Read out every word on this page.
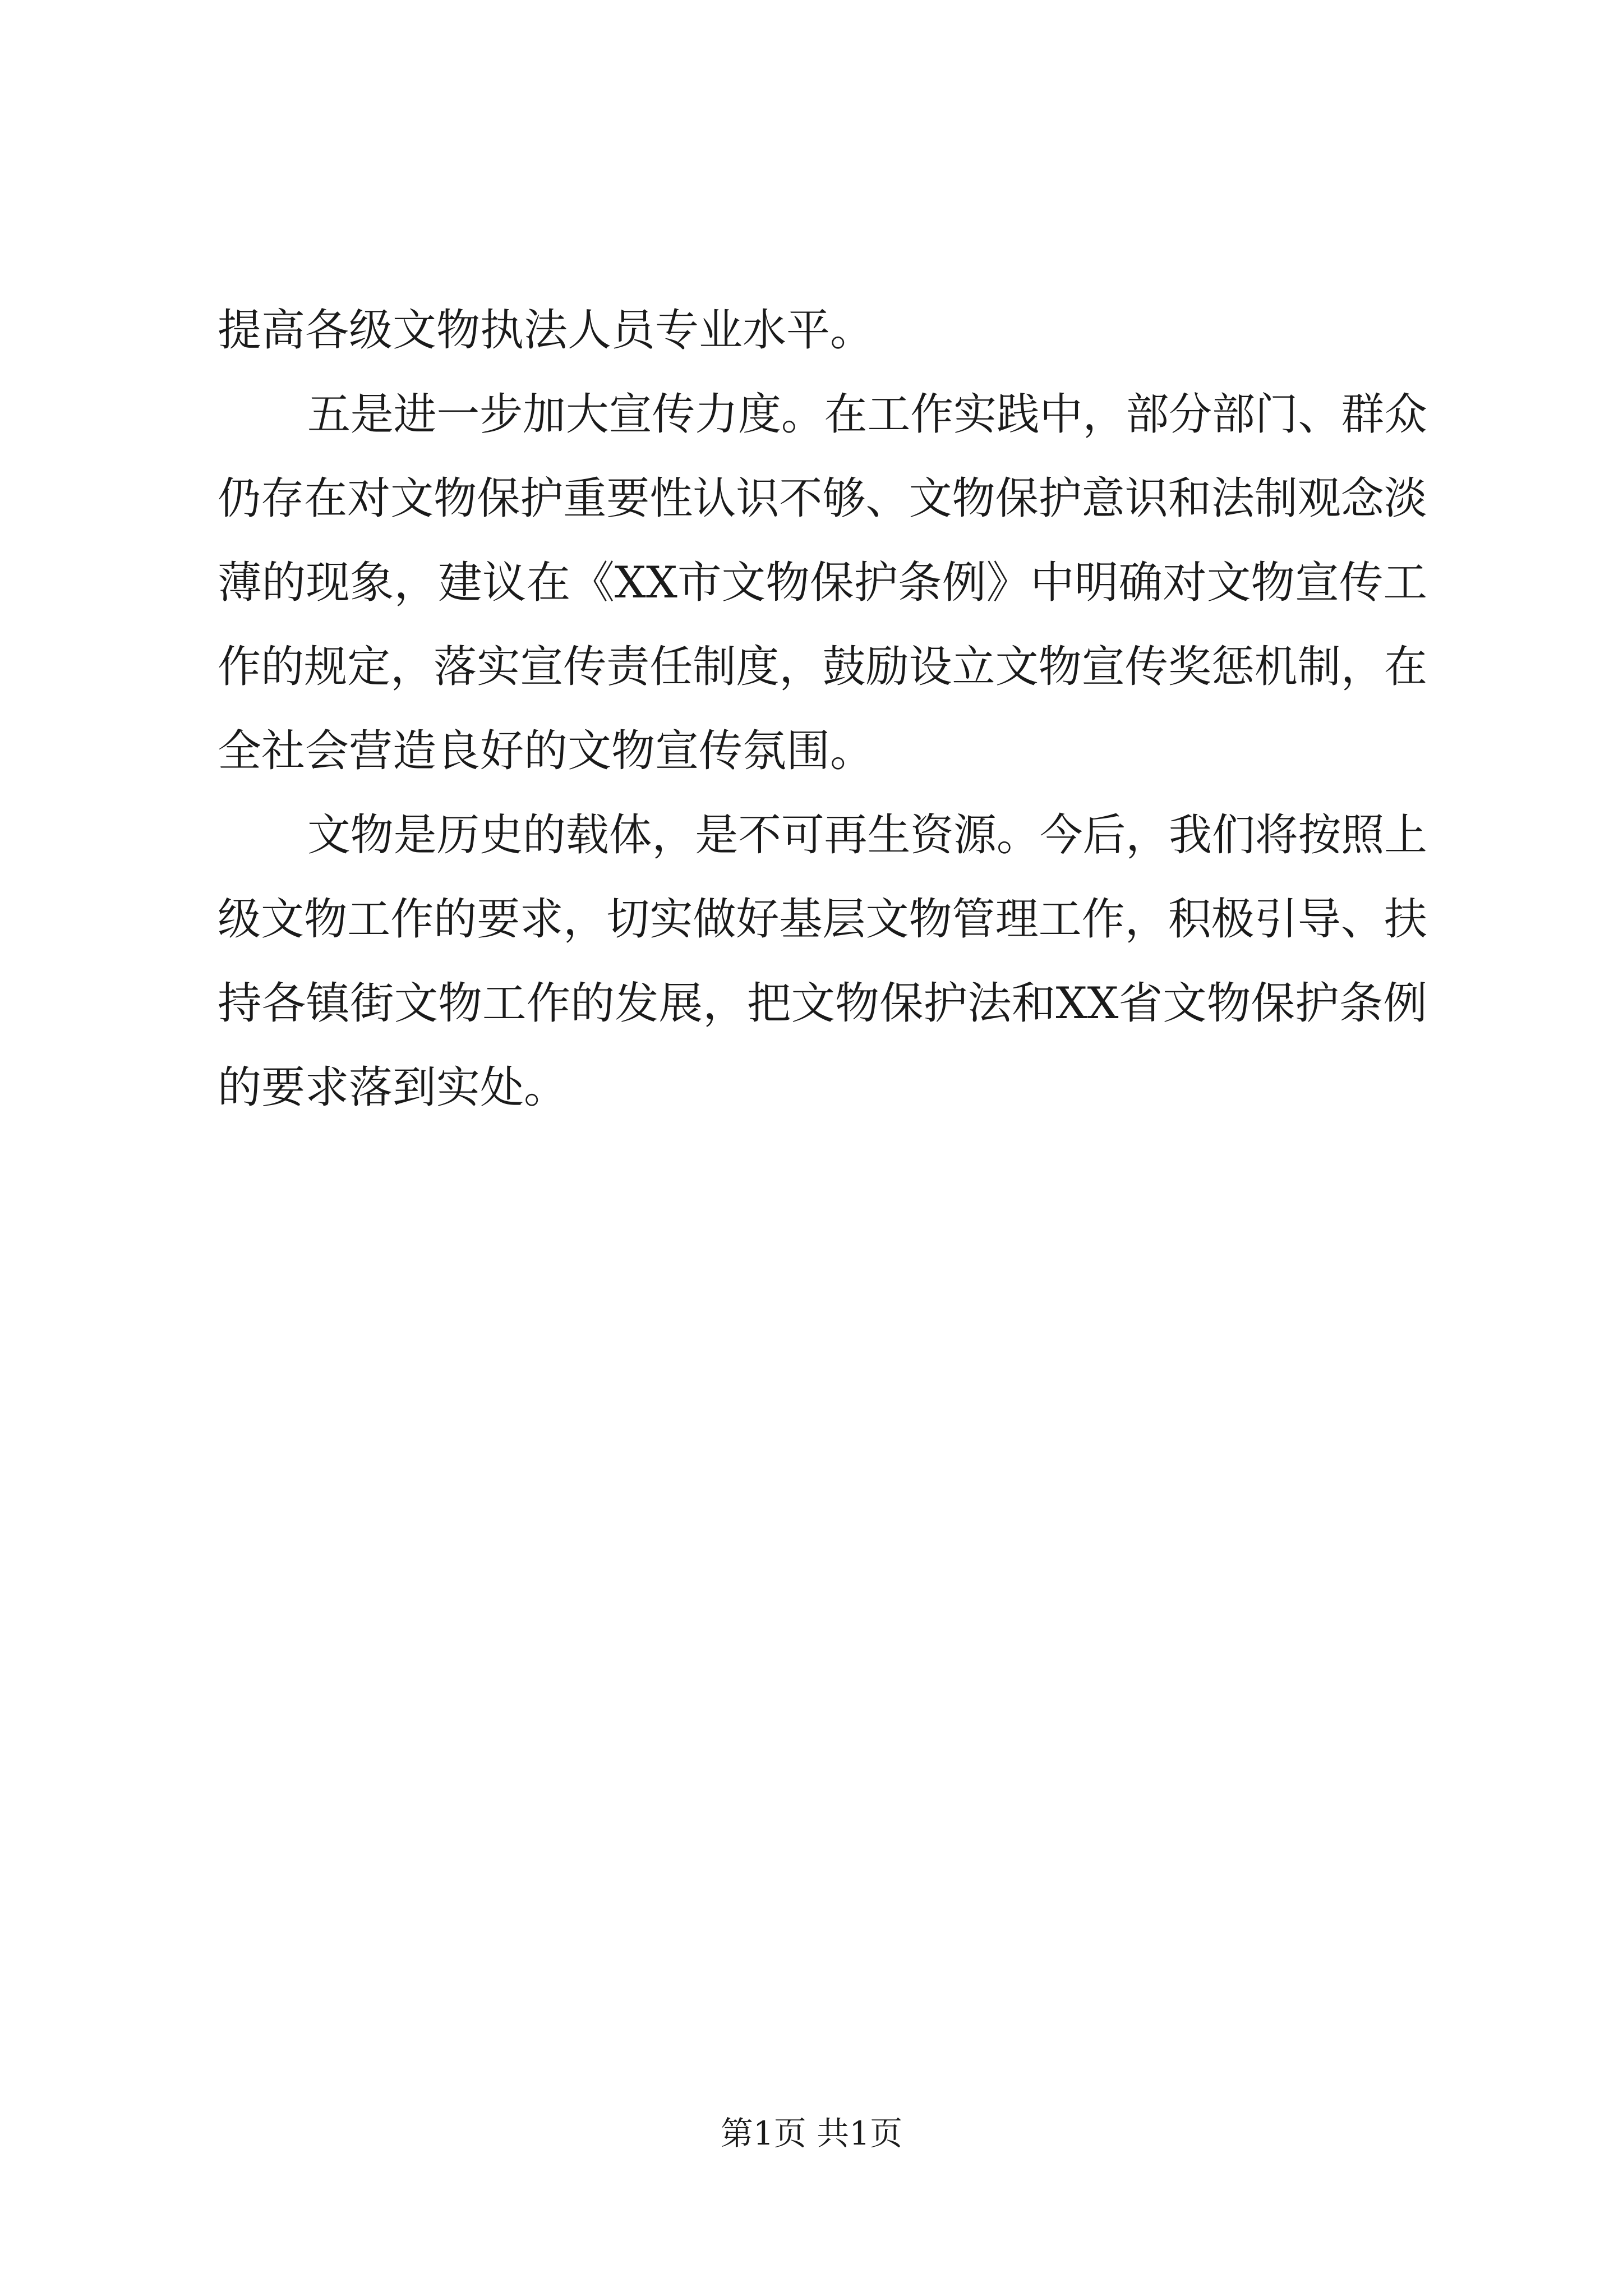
提高各级文物执法人员专业水平。
五是进一步加大宣传力度。在工作实践中，部分部门、群众
仍存在对文物保护重要性认识不够、文物保护意识和法制观念淡
薄的现象，建议在《XX市文物保护条例》中明确对文物宣传工
作的规定，落实宣传责任制度，鼓励设立文物宣传奖惩机制，在
全社会营造良好的文物宣传氛围。
文物是历史的载体，是不可再生资源。今后，我们将按照上
级文物工作的要求，切实做好基层文物管理工作，积极引导、扶
持各镇街文物工作的发展，把文物保护法和XX省文物保护条例
的要求落到实处。
第1页 共1页
